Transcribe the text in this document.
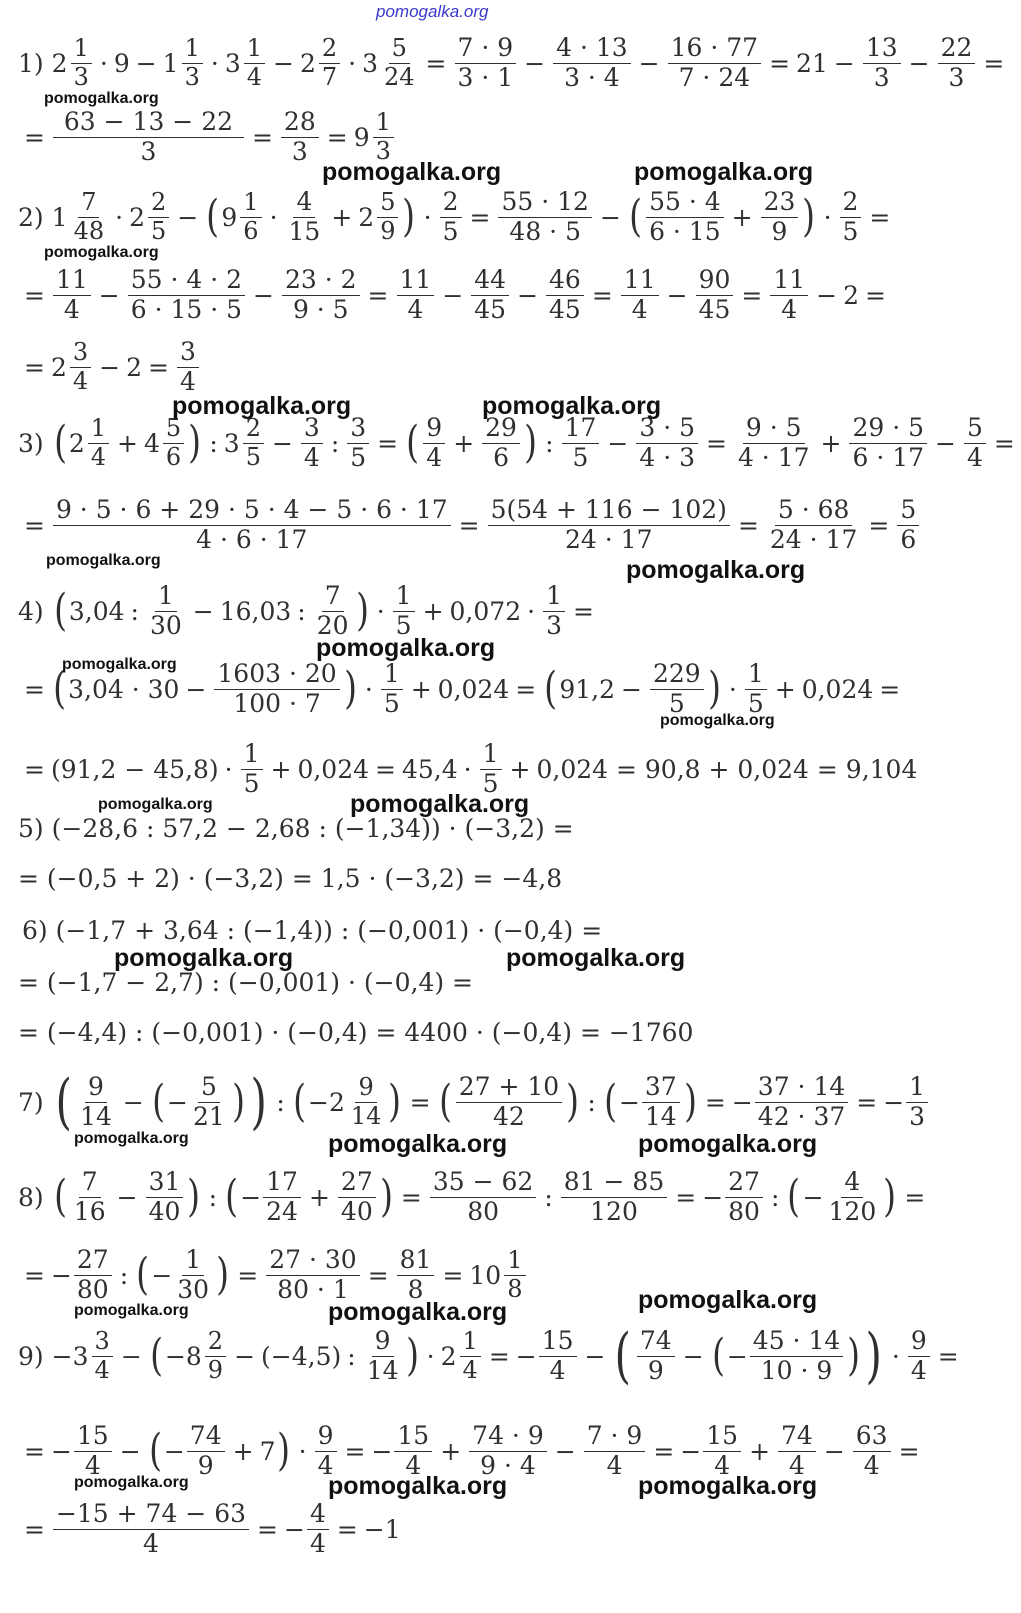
pomogalka.org
1) 2
1
3 · 9 − 1
1
3 · 3
1
4 − 2
2
7 · 3
5
$24 = \frac{7 \cdot 9}{3 \cdot 1} - \frac{4 \cdot 13}{3 \cdot 4} - \frac{16 \cdot 77}{7 \cdot 24} = 21 - \frac{13}{3} - \frac{22}{3}$ =
= $\frac{63 - 13 - 22}{3} = \frac{28}{3} = 9$
1
3
2) 1
7
48 · 2
2
5 − ( 9
1
6 ·
4
15 + 2
5
9 ) · $\frac{2}{5} = \frac{55 \cdot 12}{48 \cdot 5}$ − ( 55 · 4
$6 \cdot 15 + \frac{23}{9}$ ) · $\frac{2}{5}$ =
= $\frac{11}{4} - \frac{55 \cdot 4 \cdot 2}{6 \cdot 15 \cdot 5} - \frac{23 \cdot 2}{9 \cdot 5} = \frac{11}{4} - \frac{44}{45} - \frac{46}{45} = \frac{11}{4} - \frac{90}{45} = \frac{11}{4} - 2$ =
= 2
3
$4 - 2 = \frac{3}{4}$
3) ( 2
1
4 + 4
5
6 ) : 3
2
$5 - \frac{3}{4}$ : $\frac{3}{5}$ = ( 9
$4 + \frac{29}{6}$ ) :
17
$5 - \frac{3 \cdot 5}{4 \cdot 3} = \frac{9 \cdot 5}{4 \cdot 17} + \frac{29 \cdot 5}{6 \cdot 17} - \frac{5}{4}$ =
= $\frac{9 \cdot 5 \cdot 6 + 29 \cdot 5 \cdot 4 - 5 \cdot 6 \cdot 17}{4 \cdot 6 \cdot 17} = \frac{5(54 + 116 - 102)}{24 \cdot 17} = \frac{5 \cdot 68}{24 \cdot 17} = \frac{5}{6}$
4) ( 3,04 :
1
30 − 16,03 :
7
20 ) ·
1
$5 + 0,072 \cdot \frac{1}{3}$ =
= ( $3,04 \cdot 30 - \frac{1603 \cdot 20}{100 \cdot 7}$ ) ·
1
5 + 0,024 = ( $91,2 - \frac{229}{5}$ ) ·
1
5 + 0,024 =
= (91,2 − 45,8) ·
1
5 + 0,024 = 45,4 ·
1
5 + 0,024 = 90,8 + 0,024 = 9,104
5) (−28,6 : 57,2 − 2,68 : (−1,34)) · (−3,2) =
= (−0,5 + 2) · (−3,2) = 1,5 · (−3,2) = −4,8
6) (−1,7 + 3,64 : (−1,4)) : (−0,001) · (−0,4) =
= (−1,7 − 2,7) : (−0,001) · (−0,4) =
= (−4,4) : (−0,001) · (−0,4) = 4400 · (−0,4) = −1760
7) ( 9
14 − ( −
5
21 ) ) : ( − 2
9
14 ) = ( 27 + 10
42 ) : ( −
37
14 ) = − $\frac{37 \cdot 14}{42 \cdot 37}$ = − $\frac{1}{3}$
8) ( 7
$16 - \frac{31}{40}$ ) : ( −
17
$24 + \frac{27}{40}$ ) = $\frac{35 - 62}{80}$ : $\frac{81 - 85}{120}$ = − $\frac{27}{80}$ : ( −
4
120 ) =
= − $\frac{27}{80}$ : ( −
1
30 ) = $\frac{27 \cdot 30}{80 \cdot 1} = \frac{81}{8} = 10$
1
8
9) − 3
3
4 − ( − 8
2
9 − (−4,5) :
9
14 ) · 2
1
4 = − $\frac{15}{4}$ − ( 74
9 − ( −
45 · 14
10 · 9 ) ) · $\frac{9}{4}$ =
= − $\frac{15}{4}$ − ( −
74
9 + 7 ) · $\frac{9}{4}$ = − $\frac{15}{4} + \frac{74 \cdot 9}{9 \cdot 4} - \frac{7 \cdot 9}{4}$ = − $\frac{15}{4} + \frac{74}{4} - \frac{63}{4}$ =
= $\frac{-15 + 74 - 63}{4}$ = − $\frac{4}{4} = -1$
pomogalka.org
pomogalka.org	pomogalka.org
pomogalka.org
pomogalka.org	pomogalka.org
pomogalka.org	pomogalka.org
pomogalka.org
pomogalka.org
pomogalka.org
pomogalka.org	pomogalka.org
pomogalka.org	pomogalka.org
pomogalka.org	pomogalka.org	pomogalka.org
pomogalka.org	pomogalka.org	pomogalka.org
pomogalka.org	pomogalka.org	pomogalka.org
